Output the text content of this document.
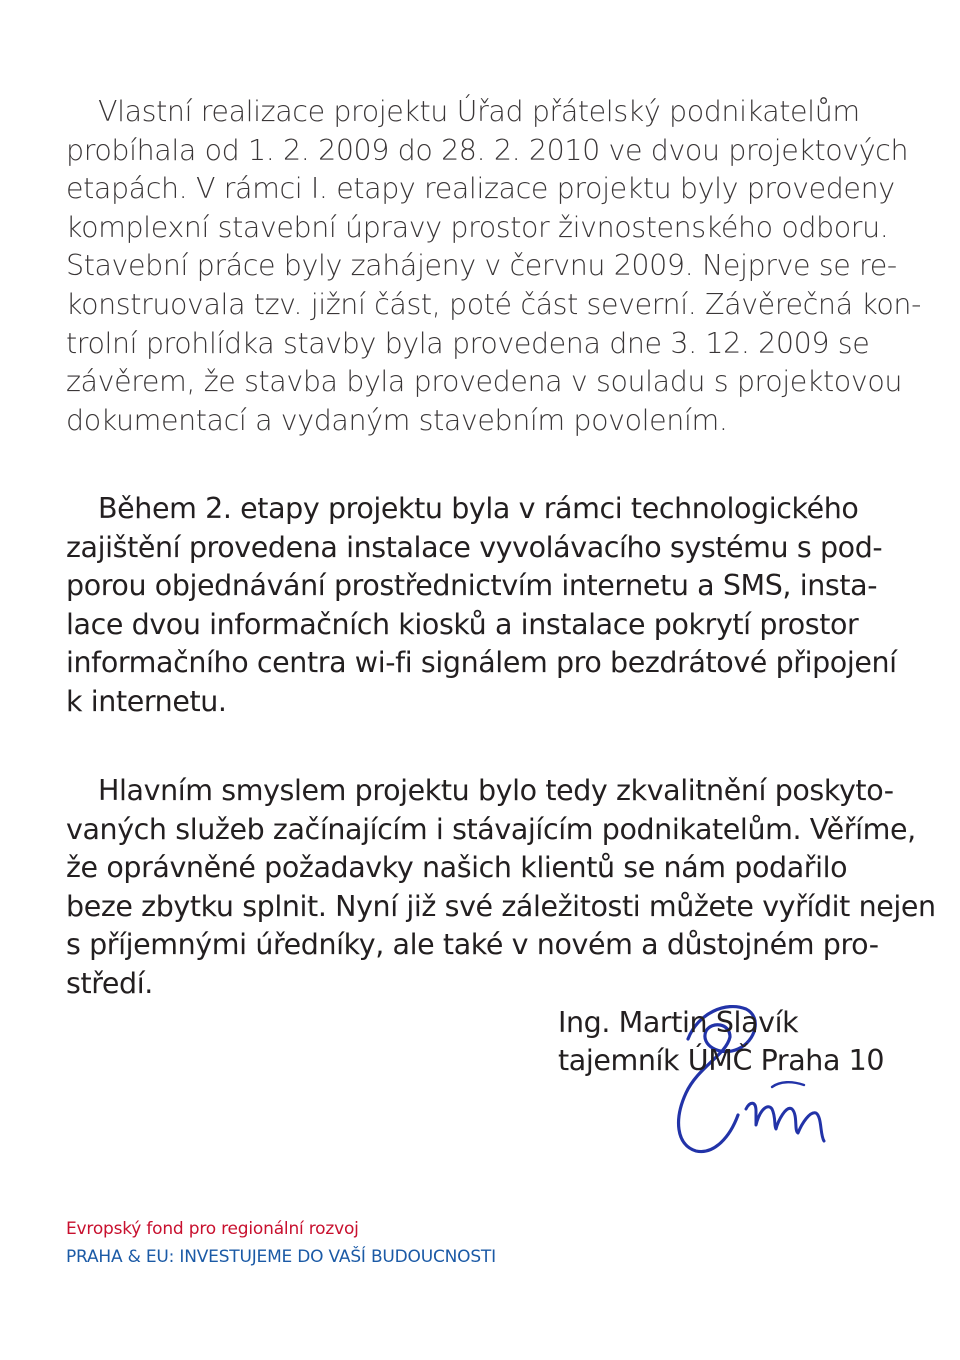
Vlastní realizace projektu Úřad přátelský podnikatelům
probíhala od 1. 2. 2009 do 28. 2. 2010 ve dvou projektových
etapách. V rámci I. etapy realizace projektu byly provedeny
komplexní stavební úpravy prostor živnostenského odboru.
Stavební práce byly zahájeny v červnu 2009. Nejprve se re-
konstruovala tzv. jižní část, poté část severní. Závěrečná kon-
trolní prohlídka stavby byla provedena dne 3. 12. 2009 se
závěrem, že stavba byla provedena v souladu s projektovou
dokumentací a vydaným stavebním povolením.
Během 2. etapy projektu byla v rámci technologického
zajištění provedena instalace vyvolávacího systému s pod-
porou objednávání prostřednictvím internetu a SMS, insta-
lace dvou informačních kiosků a instalace pokrytí prostor
informačního centra wi-fi signálem pro bezdrátové připojení
k internetu.
Hlavním smyslem projektu bylo tedy zkvalitnění poskyto-
vaných služeb začínajícím i stávajícím podnikatelům. Věříme,
že oprávněné požadavky našich klientů se nám podařilo
beze zbytku splnit. Nyní již své záležitosti můžete vyřídit nejen
s příjemnými úředníky, ale také v novém a důstojném pro-
středí.
Ing. Martin Slavík
tajemník ÚMČ Praha 10
Evropský fond pro regionální rozvoj
PRAHA & EU: INVESTUJEME DO VAŠÍ BUDOUCNOSTI
